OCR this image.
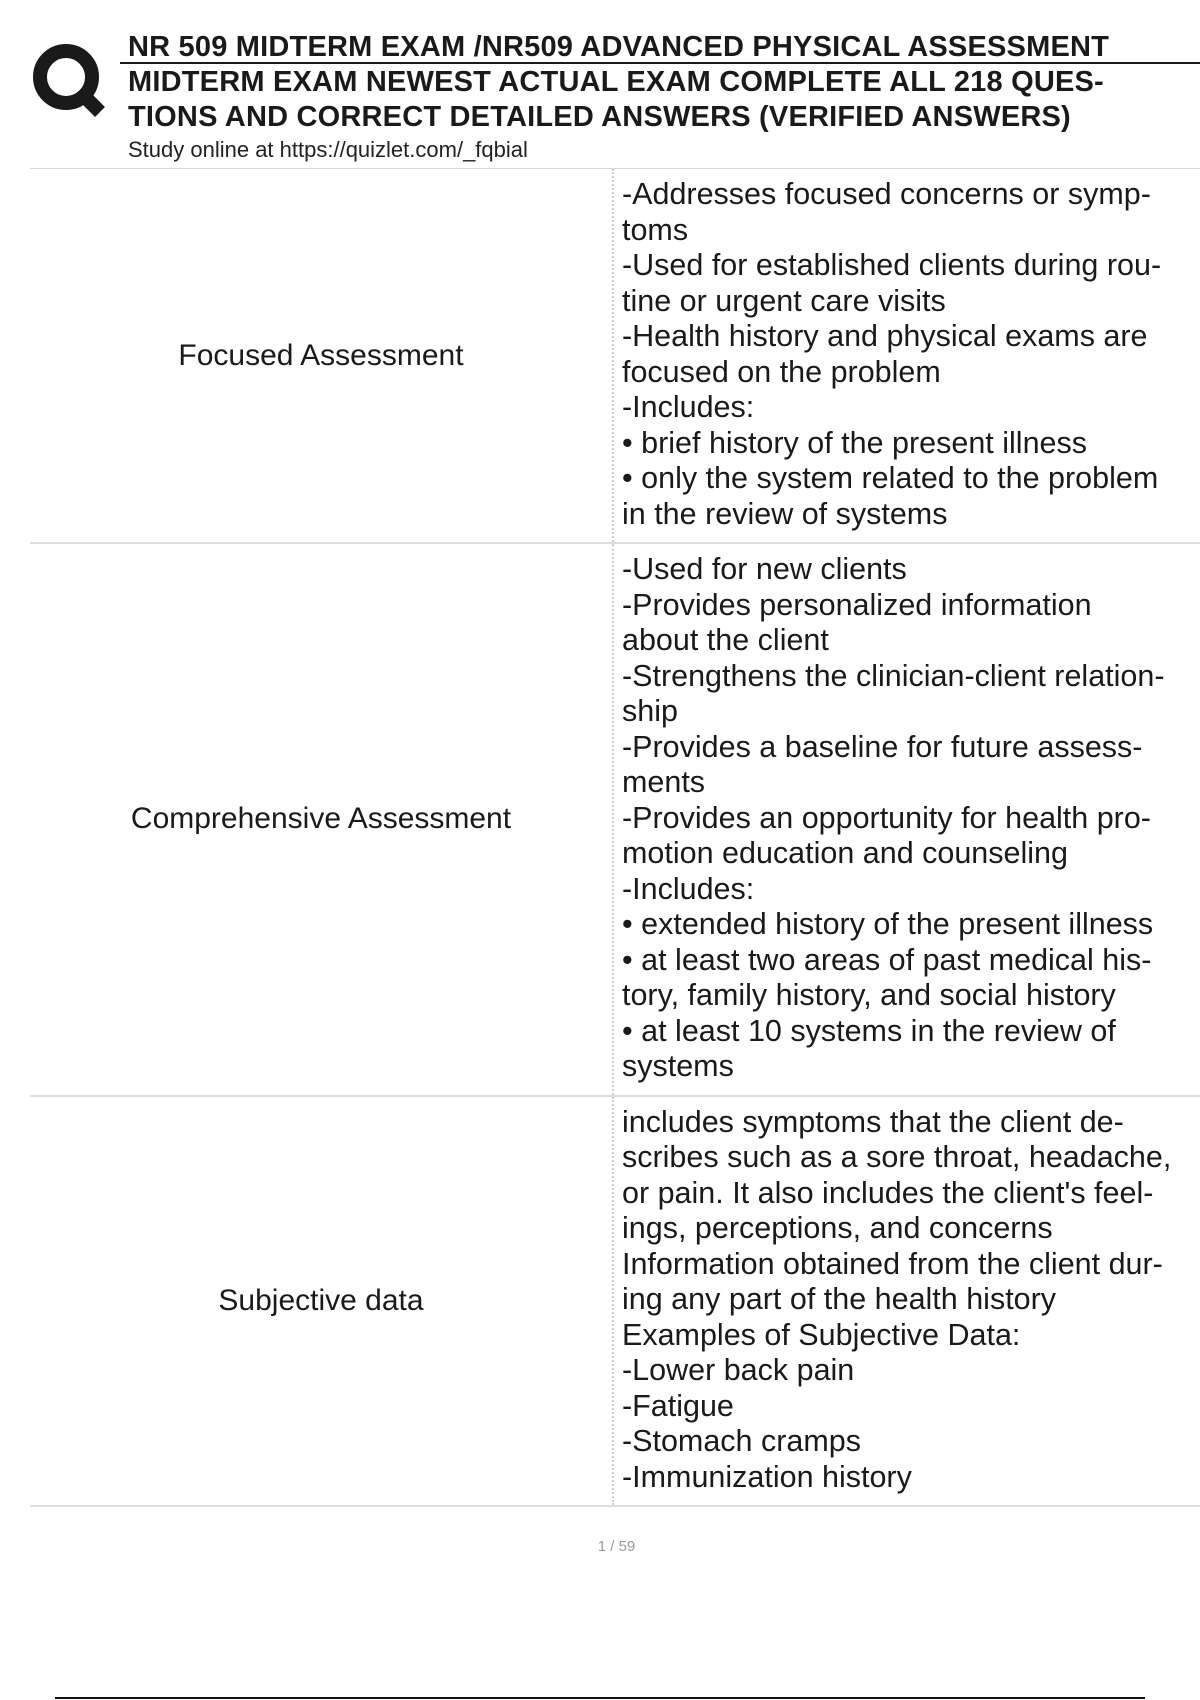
NR 509 MIDTERM EXAM /NR509 ADVANCED PHYSICAL ASSESSMENT
MIDTERM EXAM NEWEST ACTUAL EXAM COMPLETE ALL 218 QUES-
TIONS AND CORRECT DETAILED ANSWERS (VERIFIED ANSWERS)
Study online at https://quizlet.com/_fqbial
Focused Assessment
-Addresses focused concerns or symp-
toms
-Used for established clients during rou-
tine or urgent care visits
-Health history and physical exams are
focused on the problem
-Includes:
• brief history of the present illness
• only the system related to the problem
in the review of systems
Comprehensive Assessment
-Used for new clients
-Provides personalized information
about the client
-Strengthens the clinician-client relation-
ship
-Provides a baseline for future assess-
ments
-Provides an opportunity for health pro-
motion education and counseling
-Includes:
• extended history of the present illness
• at least two areas of past medical his-
tory, family history, and social history
• at least 10 systems in the review of
systems
Subjective data
includes symptoms that the client de-
scribes such as a sore throat, headache,
or pain. It also includes the client's feel-
ings, perceptions, and concerns
Information obtained from the client dur-
ing any part of the health history
Examples of Subjective Data:
-Lower back pain
-Fatigue
-Stomach cramps
-Immunization history
1 / 59
